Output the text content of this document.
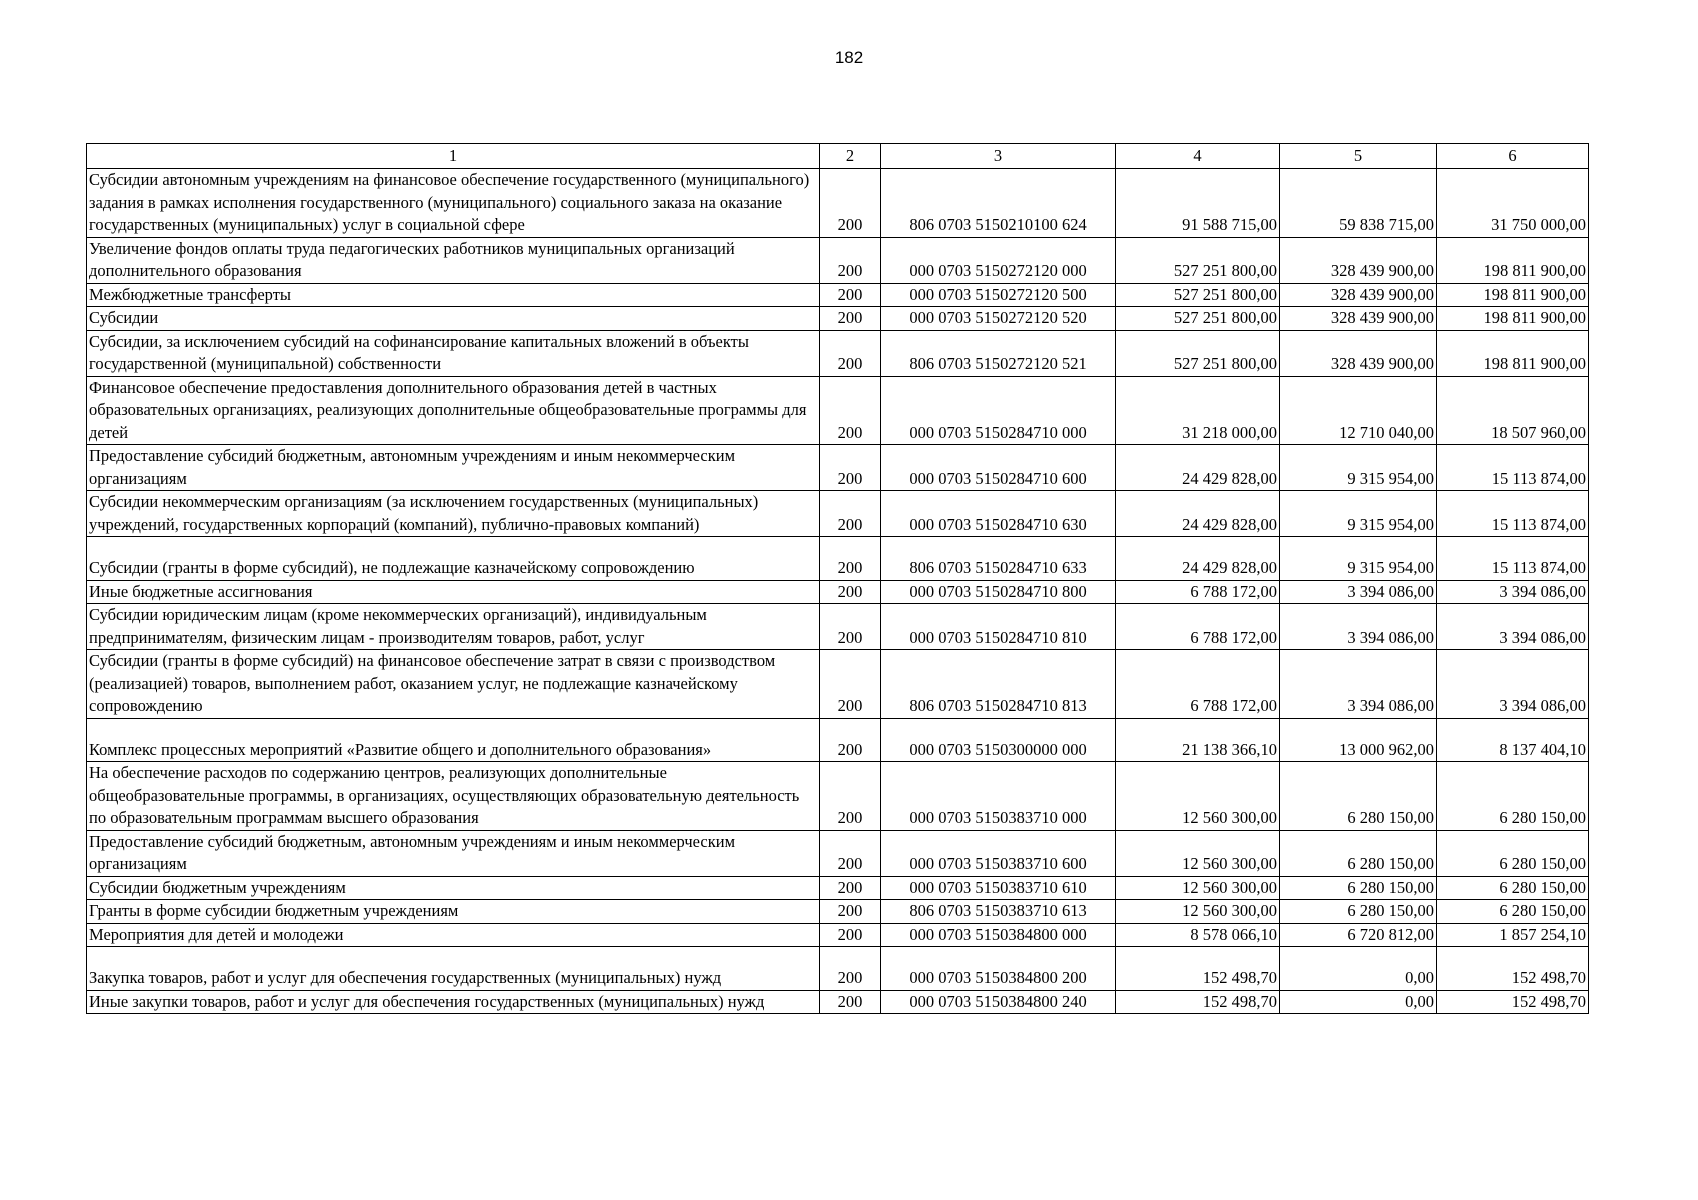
182
1	2	3	4	5	6
Субсидии автономным учреждениям на финансовое обеспечение государственного (муниципального) задания в рамках исполнения государственного (муниципального) социального заказа на оказание государственных (муниципальных) услуг в социальной сфере	200	806 0703 5150210100 624	91 588 715,00	59 838 715,00	31 750 000,00
Увеличение фондов оплаты труда педагогических работников муниципальных организаций дополнительного образования	200	000 0703 5150272120 000	527 251 800,00	328 439 900,00	198 811 900,00
Межбюджетные трансферты	200	000 0703 5150272120 500	527 251 800,00	328 439 900,00	198 811 900,00
Субсидии	200	000 0703 5150272120 520	527 251 800,00	328 439 900,00	198 811 900,00
Субсидии, за исключением субсидий на софинансирование капитальных вложений в объекты государственной (муниципальной) собственности	200	806 0703 5150272120 521	527 251 800,00	328 439 900,00	198 811 900,00
Финансовое обеспечение предоставления дополнительного образования детей в частных образовательных организациях, реализующих дополнительные общеобразовательные программы для детей	200	000 0703 5150284710 000	31 218 000,00	12 710 040,00	18 507 960,00
Предоставление субсидий бюджетным, автономным учреждениям и иным некоммерческим организациям	200	000 0703 5150284710 600	24 429 828,00	9 315 954,00	15 113 874,00
Субсидии некоммерческим организациям (за исключением государственных (муниципальных) учреждений, государственных корпораций (компаний), публично-правовых компаний)	200	000 0703 5150284710 630	24 429 828,00	9 315 954,00	15 113 874,00
Субсидии (гранты в форме субсидий), не подлежащие казначейскому сопровождению	200	806 0703 5150284710 633	24 429 828,00	9 315 954,00	15 113 874,00
Иные бюджетные ассигнования	200	000 0703 5150284710 800	6 788 172,00	3 394 086,00	3 394 086,00
Субсидии юридическим лицам (кроме некоммерческих организаций), индивидуальным предпринимателям, физическим лицам - производителям товаров, работ, услуг	200	000 0703 5150284710 810	6 788 172,00	3 394 086,00	3 394 086,00
Субсидии (гранты в форме субсидий) на финансовое обеспечение затрат в связи с производством (реализацией) товаров, выполнением работ, оказанием услуг, не подлежащие казначейскому сопровождению	200	806 0703 5150284710 813	6 788 172,00	3 394 086,00	3 394 086,00
Комплекс процессных мероприятий «Развитие общего и дополнительного образования»	200	000 0703 5150300000 000	21 138 366,10	13 000 962,00	8 137 404,10
На обеспечение расходов по содержанию центров, реализующих дополнительные общеобразовательные программы, в организациях, осуществляющих образовательную деятельность по образовательным программам высшего образования	200	000 0703 5150383710 000	12 560 300,00	6 280 150,00	6 280 150,00
Предоставление субсидий бюджетным, автономным учреждениям и иным некоммерческим организациям	200	000 0703 5150383710 600	12 560 300,00	6 280 150,00	6 280 150,00
Субсидии бюджетным учреждениям	200	000 0703 5150383710 610	12 560 300,00	6 280 150,00	6 280 150,00
Гранты в форме субсидии бюджетным учреждениям	200	806 0703 5150383710 613	12 560 300,00	6 280 150,00	6 280 150,00
Мероприятия для детей и молодежи	200	000 0703 5150384800 000	8 578 066,10	6 720 812,00	1 857 254,10
Закупка товаров, работ и услуг для обеспечения государственных (муниципальных) нужд	200	000 0703 5150384800 200	152 498,70	0,00	152 498,70
Иные закупки товаров, работ и услуг для обеспечения государственных (муниципальных) нужд	200	000 0703 5150384800 240	152 498,70	0,00	152 498,70
